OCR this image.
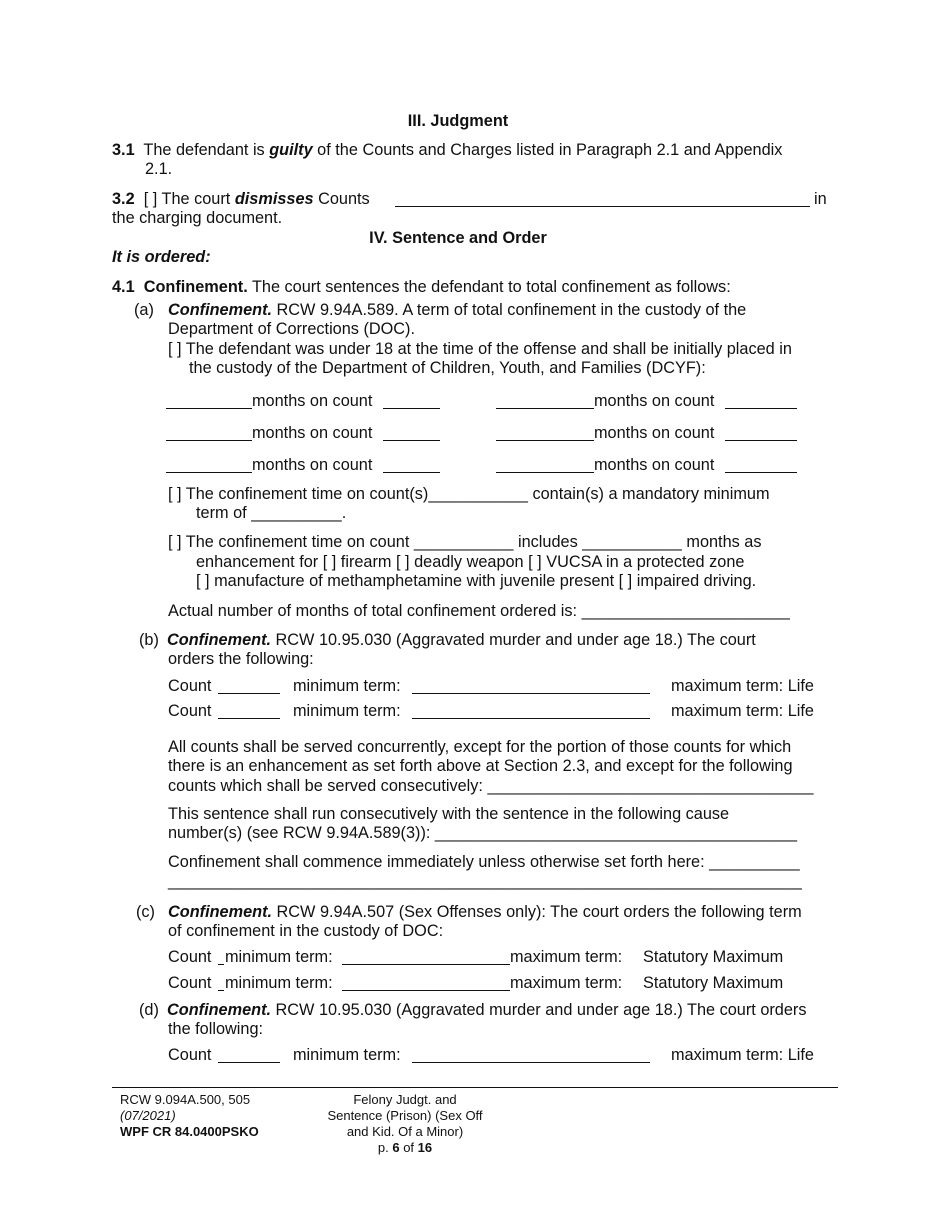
III. Judgment
3.1 The defendant is guilty of the Counts and Charges listed in Paragraph 2.1 and Appendix
2.1.
3.2 [ ] The court dismisses Counts	in
the charging document.
IV. Sentence and Order
It is ordered:
4.1 Confinement. The court sentences the defendant to total confinement as follows:
(a) Confinement. RCW 9.94A.589. A term of total confinement in the custody of the
Department of Corrections (DOC).
[ ] The defendant was under 18 at the time of the offense and shall be initially placed in
the custody of the Department of Children, Youth, and Families (DCYF):
months on count	months on count
months on count	months on count
months on count	months on count
[ ] The confinement time on count(s)___________ contain(s) a mandatory minimum
term of __________.
[ ] The confinement time on count ___________ includes ___________ months as
enhancement for [ ] firearm [ ] deadly weapon [ ] VUCSA in a protected zone
[ ] manufacture of methamphetamine with juvenile present [ ] impaired driving.
Actual number of months of total confinement ordered is: _______________________
(b) Confinement. RCW 10.95.030 (Aggravated murder and under age 18.) The court
orders the following:
Count	minimum term:	maximum term: Life
Count	minimum term:	maximum term: Life
All counts shall be served concurrently, except for the portion of those counts for which
there is an enhancement as set forth above at Section 2.3, and except for the following
counts which shall be served consecutively: ____________________________________
This sentence shall run consecutively with the sentence in the following cause
number(s) (see RCW 9.94A.589(3)): ________________________________________
Confinement shall commence immediately unless otherwise set forth here: __________
______________________________________________________________________
(c) Confinement. RCW 9.94A.507 (Sex Offenses only): The court orders the following term
of confinement in the custody of DOC:
Count minimum term:	maximum term: Statutory Maximum
Count minimum term:	maximum term: Statutory Maximum
(d) Confinement. RCW 10.95.030 (Aggravated murder and under age 18.) The court orders
the following:
Count	minimum term:	maximum term: Life
RCW 9.094A.500, 505
(07/2021)
WPF CR 84.0400PSKO
Felony Judgt. and
Sentence (Prison) (Sex Off
and Kid. Of a Minor)
p. 6 of 16
